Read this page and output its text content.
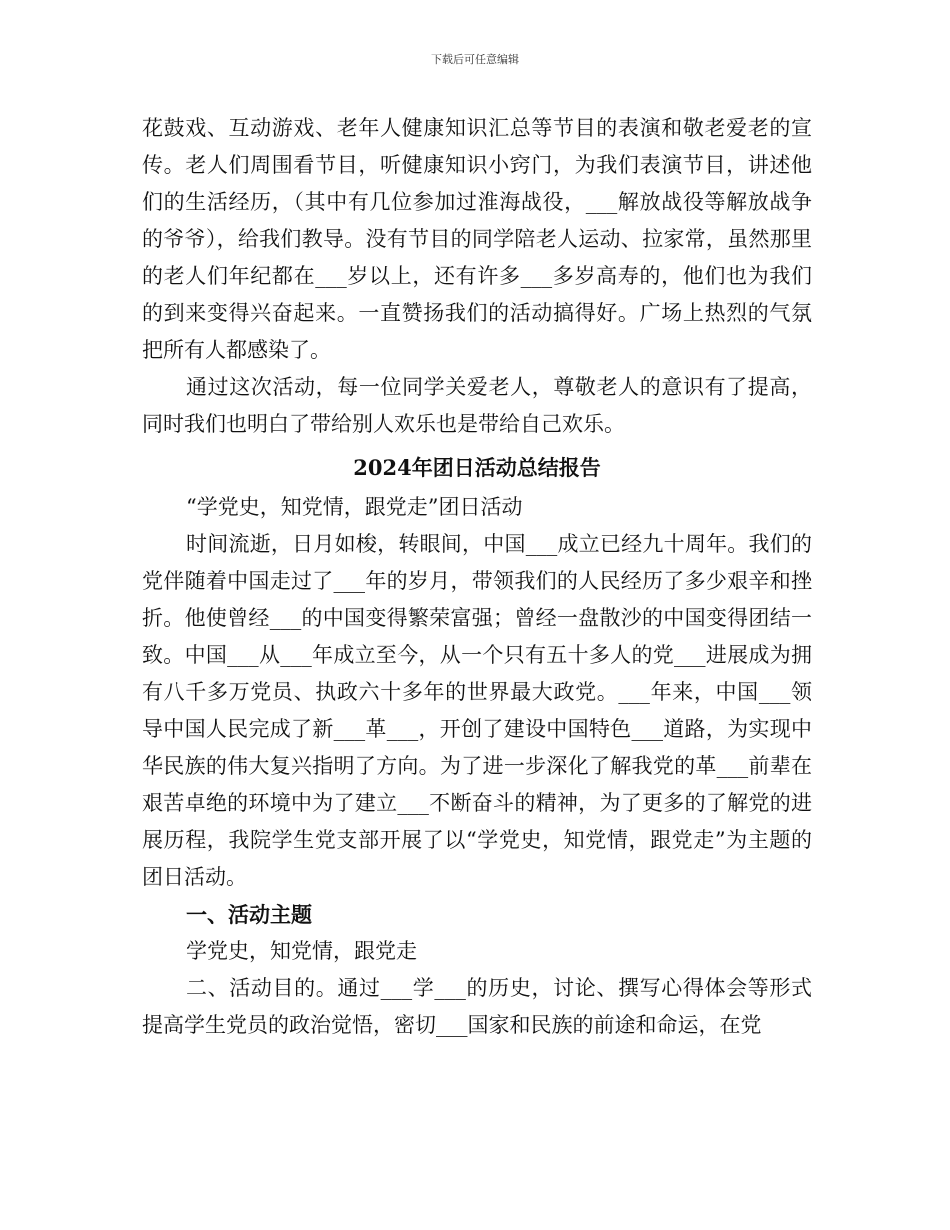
下载后可任意编辑

花鼓戏、互动游戏、老年人健康知识汇总等节目的表演和敬老爱老的宣传。老人们周围看节目，听健康知识小窍门，为我们表演节目，讲述他们的生活经历，（其中有几位参加过淮海战役，___解放战役等解放战争的爷爷），给我们教导。没有节目的同学陪老人运动、拉家常，虽然那里的老人们年纪都在___岁以上，还有许多___多岁高寿的，他们也为我们的到来变得兴奋起来。一直赞扬我们的活动搞得好。广场上热烈的气氛把所有人都感染了。

通过这次活动，每一位同学关爱老人，尊敬老人的意识有了提高，同时我们也明白了带给别人欢乐也是带给自己欢乐。

2024年团日活动总结报告

“学党史，知党情，跟党走”团日活动

时间流逝，日月如梭，转眼间，中国___成立已经九十周年。我们的党伴随着中国走过了___年的岁月，带领我们的人民经历了多少艰辛和挫折。他使曾经___的中国变得繁荣富强；曾经一盘散沙的中国变得团结一致。中国___从___年成立至今，从一个只有五十多人的党___进展成为拥有八千多万党员、执政六十多年的世界最大政党。___年来，中国___领导中国人民完成了新___革___，开创了建设中国特色___道路，为实现中华民族的伟大复兴指明了方向。为了进一步深化了解我党的革___前辈在艰苦卓绝的环境中为了建立___不断奋斗的精神，为了更多的了解党的进展历程，我院学生党支部开展了以“学党史，知党情，跟党走”为主题的团日活动。

一、活动主题

学党史，知党情，跟党走

二、活动目的。通过___学___的历史，讨论、撰写心得体会等形式提高学生党员的政治觉悟，密切___国家和民族的前途和命运，在党
